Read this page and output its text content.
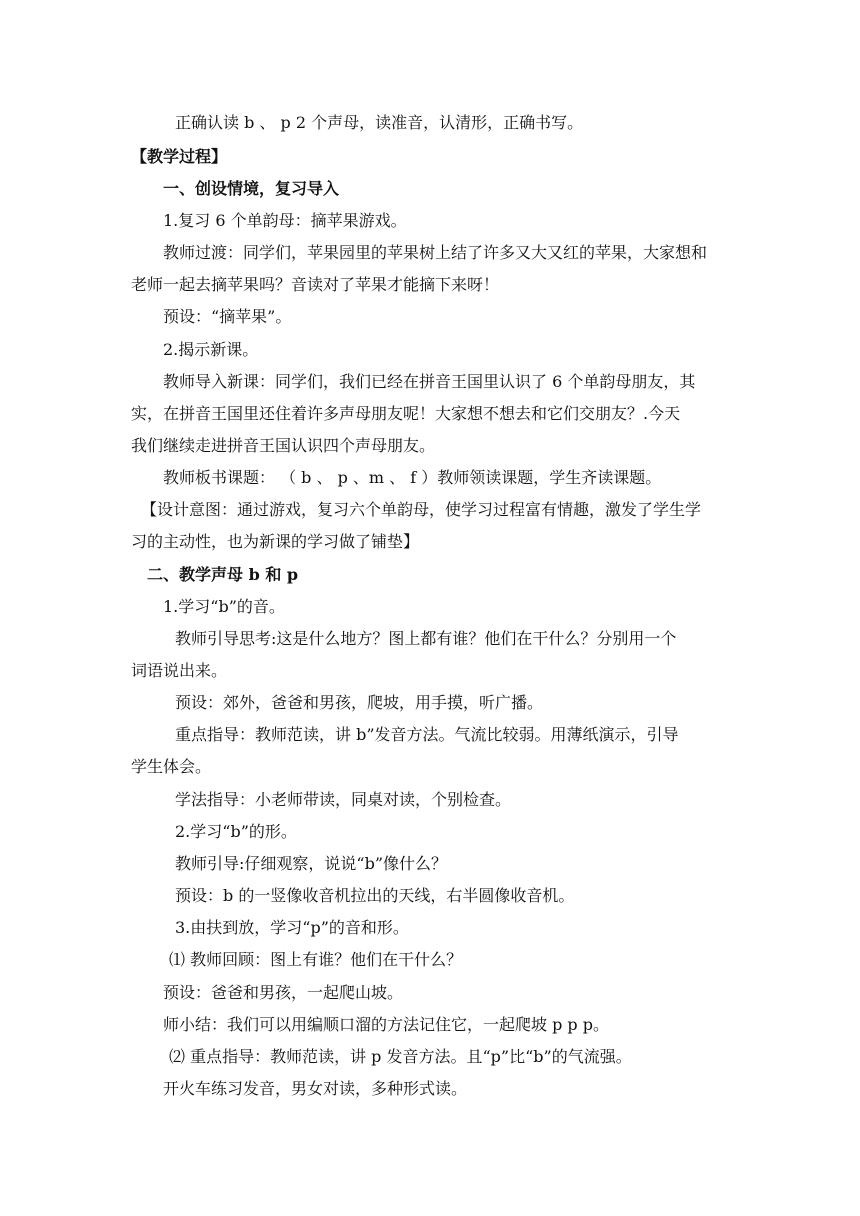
正确认读 b 、 p 2 个声母，读准音，认清形，正确书写。
【教学过程】
一、创设情境，复习导入
1.复习 6 个单韵母：摘苹果游戏。
教师过渡：同学们，苹果园里的苹果树上结了许多又大又红的苹果，大家想和
老师一起去摘苹果吗？音读对了苹果才能摘下来呀！
预设：“摘苹果”。
2.揭示新课。
教师导入新课：同学们，我们已经在拼音王国里认识了 6 个单韵母朋友，其
实，在拼音王国里还住着许多声母朋友呢！大家想不想去和它们交朋友？.今天
我们继续走进拼音王国认识四个声母朋友。
教师板书课题： （ b 、 p 、m 、 f ）教师领读课题，学生齐读课题。
【设计意图：通过游戏，复习六个单韵母，使学习过程富有情趣，激发了学生学
习的主动性，也为新课的学习做了铺垫】
二、教学声母 b 和 p
1.学习“b”的音。
教师引导思考:这是什么地方？图上都有谁？他们在干什么？分别用一个
词语说出来。
预设：郊外，爸爸和男孩，爬坡，用手摸，听广播。
重点指导：教师范读，讲 b”发音方法。气流比较弱。用薄纸演示，引导
学生体会。
学法指导：小老师带读，同桌对读，个别检查。
2.学习“b”的形。
教师引导:仔细观察，说说“b”像什么？
预设：b 的一竖像收音机拉出的天线，右半圆像收音机。
3.由扶到放，学习“p”的音和形。
⑴ 教师回顾：图上有谁？他们在干什么？
预设：爸爸和男孩，一起爬山坡。
师小结：我们可以用编顺口溜的方法记住它，一起爬坡 p p p。
⑵ 重点指导：教师范读，讲 p 发音方法。且“p”比“b”的气流强。
开火车练习发音，男女对读，多种形式读。
